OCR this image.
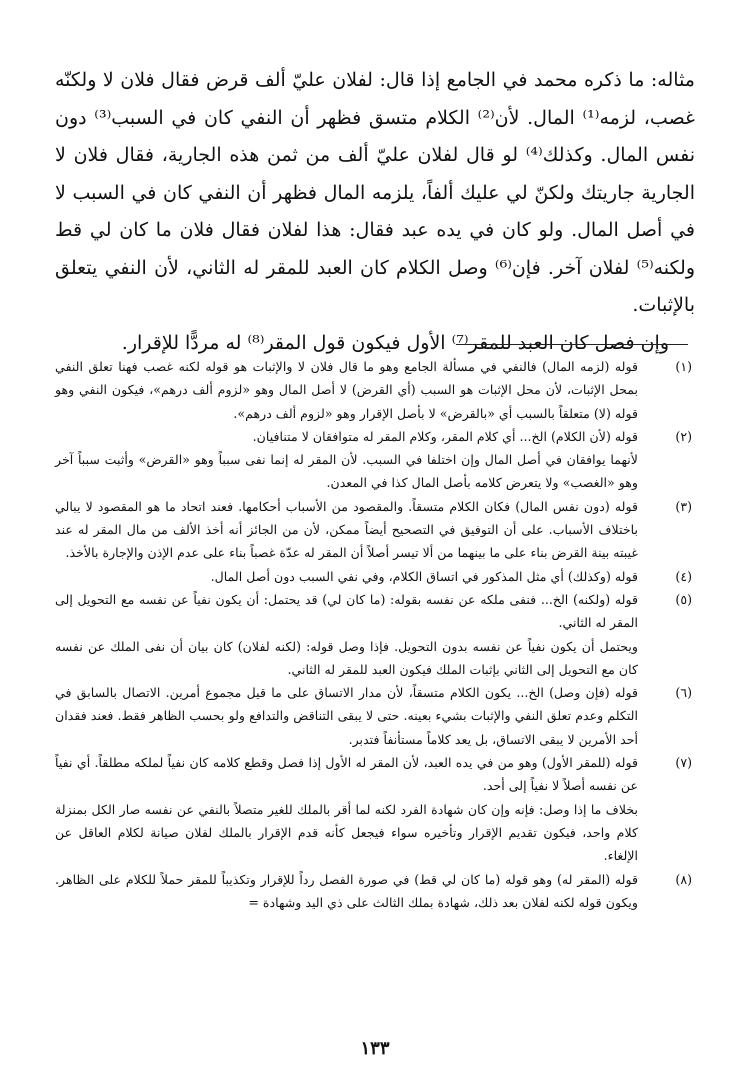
مثاله: ما ذكره محمد في الجامع إذا قال: لفلان عليّ ألف قرض فقال فلان لا ولكنّه غصب، لزمه⁽¹⁾ المال. لأن⁽²⁾ الكلام متسق فظهر أن النفي كان في السبب⁽³⁾ دون نفس المال. وكذلك⁽⁴⁾ لو قال لفلان عليّ ألف من ثمن هذه الجارية، فقال فلان لا الجارية جاريتك ولكنّ لي عليك ألفاً، يلزمه المال فظهر أن النفي كان في السبب لا في أصل المال. ولو كان في يده عبد فقال: هذا لفلان فقال فلان ما كان لي قط ولكنه⁽⁵⁾ لفلان آخر. فإن⁽⁶⁾ وصل الكلام كان العبد للمقر له الثاني، لأن النفي يتعلق بالإثبات.

وإن فصل كان العبد للمقر⁽⁷⁾ الأول فيكون قول المقر⁽⁸⁾ له مردًّا للإقرار.

(١)

قوله (لزمه المال) فالنفي في مسألة الجامع وهو ما قال فلان لا والإثبات هو قوله لكنه غصب فهنا تعلق النفي بمحل الإثبات، لأن محل الإثبات هو السبب (أي القرض) لا أصل المال وهو «لزوم ألف درهم»، فيكون النفي وهو قوله (لا) متعلقاً بالسبب أي «بالقرض» لا بأصل الإقرار وهو «لزوم ألف درهم».

(٢)

قوله (لأن الكلام) الخ... أي كلام المقر، وكلام المقر له متوافقان لا متنافيان.

لأنهما يوافقان في أصل المال وإن اختلفا في السبب. لأن المقر له إنما نفى سبباً وهو «القرض» وأثبت سبباً آخر وهو «الغصب» ولا يتعرض كلامه بأصل المال كذا في المعدن.

(٣)

قوله (دون نفس المال) فكان الكلام متسقاً. والمقصود من الأسباب أحكامها. فعند اتحاد ما هو المقصود لا يبالي باختلاف الأسباب. على أن التوفيق في التصحيح أيضاً ممكن، لأن من الجائز أنه أخذ الألف من مال المقر له عند غيبته بينة القرض بناء على ما بينهما من ألا تيسر أصلاً أن المقر له عدّة غصباً بناء على عدم الإذن والإجارة بالأخذ.

(٤)

قوله (وكذلك) أي مثل المذكور في اتساق الكلام، وفي نفي السبب دون أصل المال.

(٥)

قوله (ولكنه) الخ... فنفى ملكه عن نفسه بقوله: (ما كان لي) قد يحتمل: أن يكون نفياً عن نفسه مع التحويل إلى المقر له الثاني.

ويحتمل أن يكون نفياً عن نفسه بدون التحويل. فإذا وصل قوله: (لكنه لفلان) كان بيان أن نفى الملك عن نفسه كان مع التحويل إلى الثاني بإثبات الملك فيكون العبد للمقر له الثاني.

(٦)

قوله (فإن وصل) الخ... يكون الكلام متسقاً، لأن مدار الاتساق على ما قيل مجموع أمرين. الاتصال بالسابق في التكلم وعدم تعلق النفي والإثبات بشيء بعينه. حتى لا يبقى التناقض والتدافع ولو بحسب الظاهر فقط. فعند فقدان أحد الأمرين لا يبقى الاتساق، بل يعد كلاماً مستأنفاً فتدبر.

(٧)

قوله (للمقر الأول) وهو من في يده العبد، لأن المقر له الأول إذا فصل وقطع كلامه كان نفياً لملكه مطلقاً. أي نفياً عن نفسه أصلاً لا نفياً إلى أحد.

بخلاف ما إذا وصل: فإنه وإن كان شهادة الفرد لكنه لما أقر بالملك للغير متصلاً بالنفي عن نفسه صار الكل بمنزلة كلام واحد، فيكون تقديم الإقرار وتأخيره سواء فيجعل كأنه قدم الإقرار بالملك لفلان صيانة لكلام العاقل عن الإلغاء.

(٨)

قوله (المقر له) وهو قوله (ما كان لي قط) في صورة الفصل رداً للإقرار وتكذيباً للمقر حملاً للكلام على الظاهر. ويكون قوله لكنه لفلان بعد ذلك، شهادة بملك الثالث على ذي اليد وشهادة =

١٣٣
